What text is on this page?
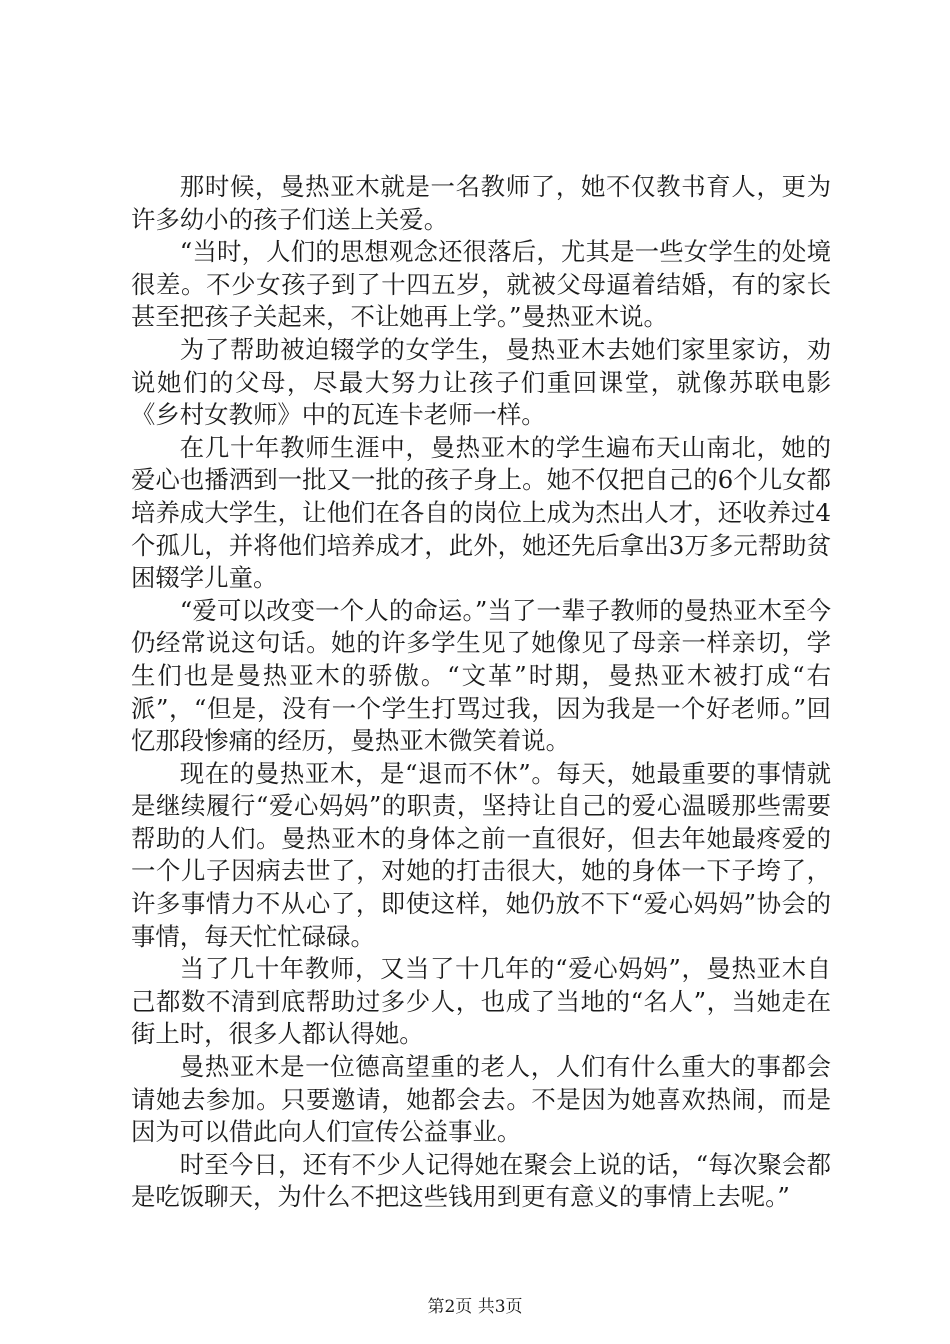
那时候，曼热亚木就是一名教师了，她不仅教书育人，更为许多幼小的孩子们送上关爱。

“当时，人们的思想观念还很落后，尤其是一些女学生的处境很差。不少女孩子到了十四五岁，就被父母逼着结婚，有的家长甚至把孩子关起来，不让她再上学。”曼热亚木说。

为了帮助被迫辍学的女学生，曼热亚木去她们家里家访，劝说她们的父母，尽最大努力让孩子们重回课堂，就像苏联电影《乡村女教师》中的瓦连卡老师一样。

在几十年教师生涯中，曼热亚木的学生遍布天山南北，她的爱心也播洒到一批又一批的孩子身上。她不仅把自己的6个儿女都培养成大学生，让他们在各自的岗位上成为杰出人才，还收养过4个孤儿，并将他们培养成才，此外，她还先后拿出3万多元帮助贫困辍学儿童。

“爱可以改变一个人的命运。”当了一辈子教师的曼热亚木至今仍经常说这句话。她的许多学生见了她像见了母亲一样亲切，学生们也是曼热亚木的骄傲。“文革”时期，曼热亚木被打成“右派”，“但是，没有一个学生打骂过我，因为我是一个好老师。”回忆那段惨痛的经历，曼热亚木微笑着说。

现在的曼热亚木，是“退而不休”。每天，她最重要的事情就是继续履行“爱心妈妈”的职责，坚持让自己的爱心温暖那些需要帮助的人们。曼热亚木的身体之前一直很好，但去年她最疼爱的一个儿子因病去世了，对她的打击很大，她的身体一下子垮了，许多事情力不从心了，即使这样，她仍放不下“爱心妈妈”协会的事情，每天忙忙碌碌。

当了几十年教师，又当了十几年的“爱心妈妈”，曼热亚木自己都数不清到底帮助过多少人，也成了当地的“名人”，当她走在街上时，很多人都认得她。

曼热亚木是一位德高望重的老人，人们有什么重大的事都会请她去参加。只要邀请，她都会去。不是因为她喜欢热闹，而是因为可以借此向人们宣传公益事业。

时至今日，还有不少人记得她在聚会上说的话，“每次聚会都是吃饭聊天，为什么不把这些钱用到更有意义的事情上去呢。”

第2页 共3页
